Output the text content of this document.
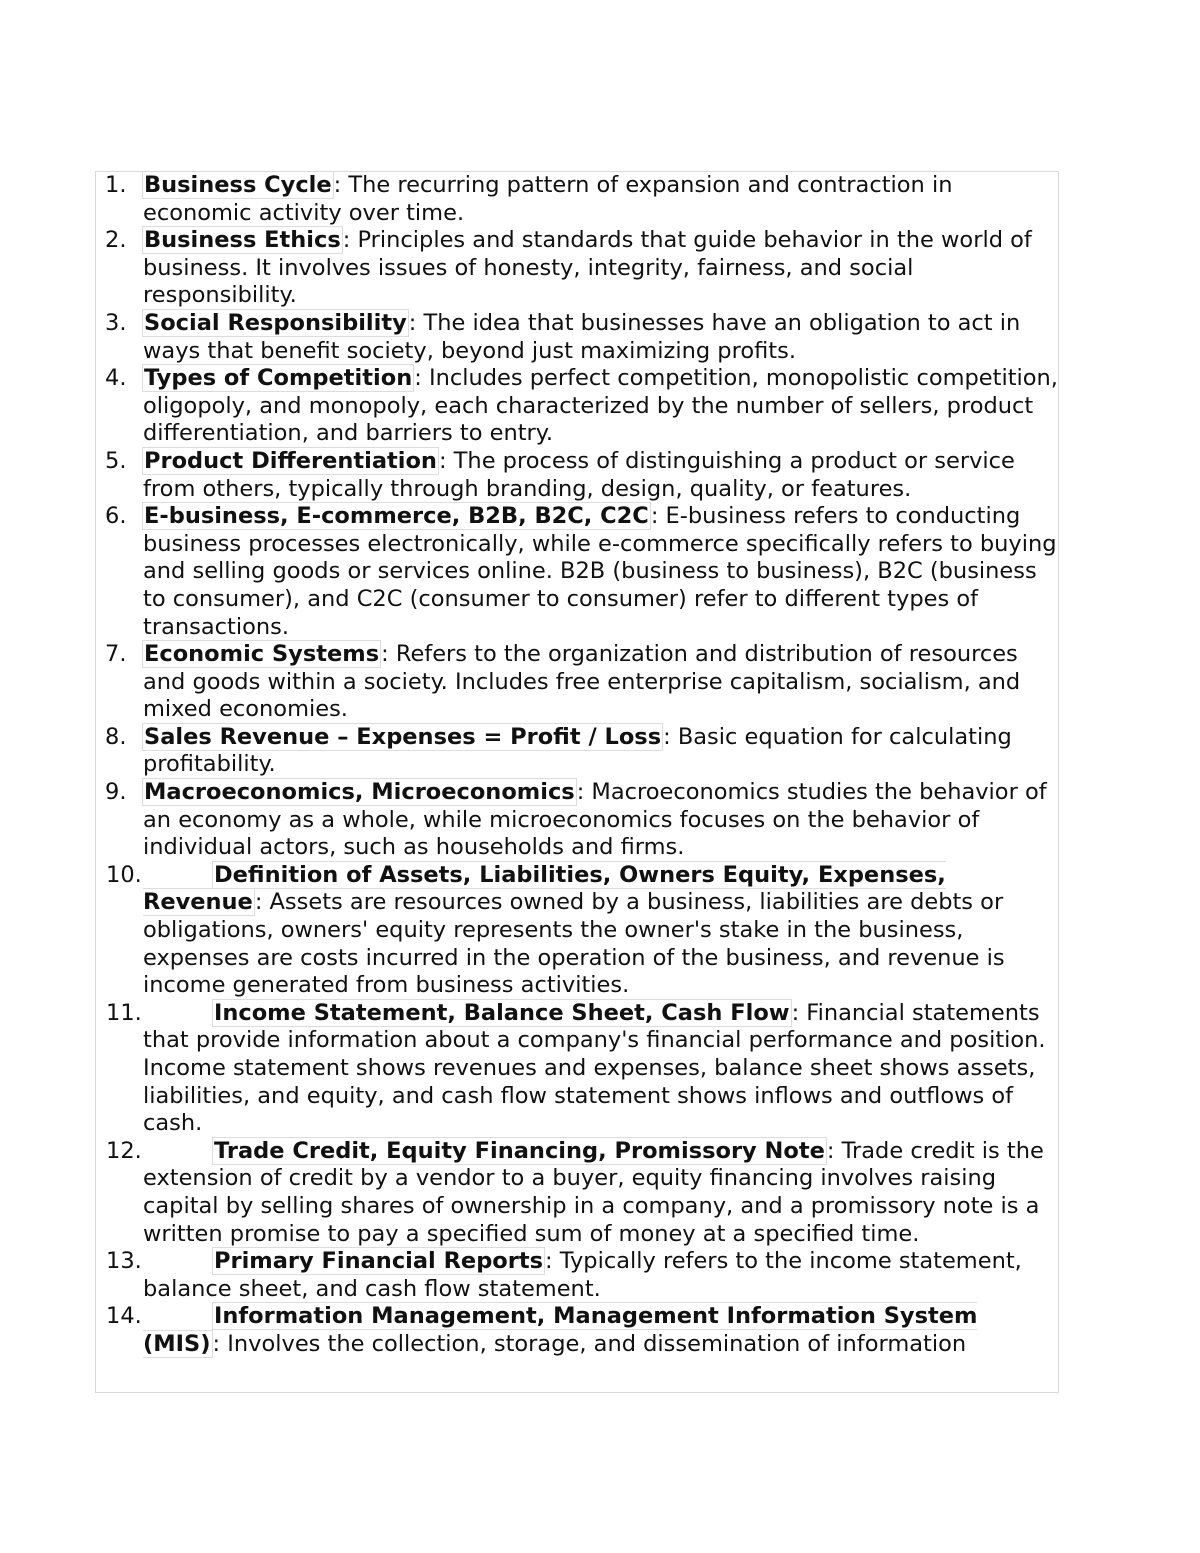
1. Business Cycle: The recurring pattern of expansion and contraction in economic activity over time.
2. Business Ethics: Principles and standards that guide behavior in the world of business. It involves issues of honesty, integrity, fairness, and social responsibility.
3. Social Responsibility: The idea that businesses have an obligation to act in ways that benefit society, beyond just maximizing profits.
4. Types of Competition: Includes perfect competition, monopolistic competition, oligopoly, and monopoly, each characterized by the number of sellers, product differentiation, and barriers to entry.
5. Product Differentiation: The process of distinguishing a product or service from others, typically through branding, design, quality, or features.
6. E-business, E-commerce, B2B, B2C, C2C: E-business refers to conducting business processes electronically, while e-commerce specifically refers to buying and selling goods or services online. B2B (business to business), B2C (business to consumer), and C2C (consumer to consumer) refer to different types of transactions.
7. Economic Systems: Refers to the organization and distribution of resources and goods within a society. Includes free enterprise capitalism, socialism, and mixed economies.
8. Sales Revenue – Expenses = Profit / Loss: Basic equation for calculating profitability.
9. Macroeconomics, Microeconomics: Macroeconomics studies the behavior of an economy as a whole, while microeconomics focuses on the behavior of individual actors, such as households and firms.
10.	Definition of Assets, Liabilities, Owners Equity, Expenses, Revenue: Assets are resources owned by a business, liabilities are debts or obligations, owners' equity represents the owner's stake in the business, expenses are costs incurred in the operation of the business, and revenue is income generated from business activities.
11.	Income Statement, Balance Sheet, Cash Flow: Financial statements that provide information about a company's financial performance and position. Income statement shows revenues and expenses, balance sheet shows assets, liabilities, and equity, and cash flow statement shows inflows and outflows of cash.
12.	Trade Credit, Equity Financing, Promissory Note: Trade credit is the extension of credit by a vendor to a buyer, equity financing involves raising capital by selling shares of ownership in a company, and a promissory note is a written promise to pay a specified sum of money at a specified time.
13.	Primary Financial Reports: Typically refers to the income statement, balance sheet, and cash flow statement.
14.	Information Management, Management Information System (MIS): Involves the collection, storage, and dissemination of information
